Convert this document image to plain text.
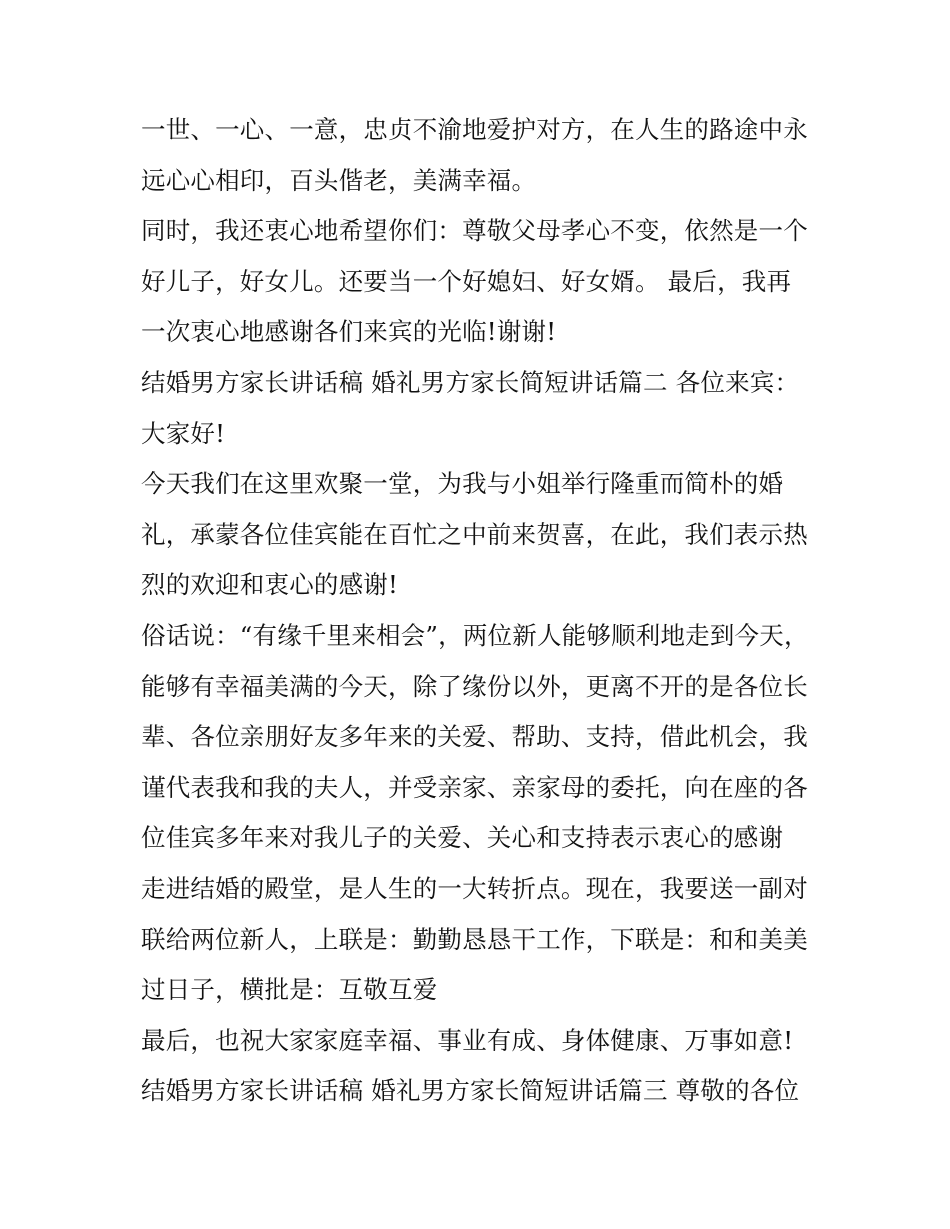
一世、一心、一意，忠贞不渝地爱护对方，在人生的路途中永
远心心相印，百头偕老，美满幸福。
同时，我还衷心地希望你们：尊敬父母孝心不变，依然是一个
好儿子，好女儿。还要当一个好媳妇、好女婿。 最后，我再
一次衷心地感谢各们来宾的光临!谢谢!
结婚男方家长讲话稿 婚礼男方家长简短讲话篇二 各位来宾：
大家好!
今天我们在这里欢聚一堂，为我与小姐举行隆重而简朴的婚
礼，承蒙各位佳宾能在百忙之中前来贺喜，在此，我们表示热
烈的欢迎和衷心的感谢!
俗话说：“有缘千里来相会”，两位新人能够顺利地走到今天，
能够有幸福美满的今天，除了缘份以外，更离不开的是各位长
辈、各位亲朋好友多年来的关爱、帮助、支持，借此机会，我
谨代表我和我的夫人，并受亲家、亲家母的委托，向在座的各
位佳宾多年来对我儿子的关爱、关心和支持表示衷心的感谢
走进结婚的殿堂，是人生的一大转折点。现在，我要送一副对
联给两位新人，上联是：勤勤恳恳干工作，下联是：和和美美
过日子，横批是：互敬互爱
最后，也祝大家家庭幸福、事业有成、身体健康、万事如意!
结婚男方家长讲话稿 婚礼男方家长简短讲话篇三 尊敬的各位
